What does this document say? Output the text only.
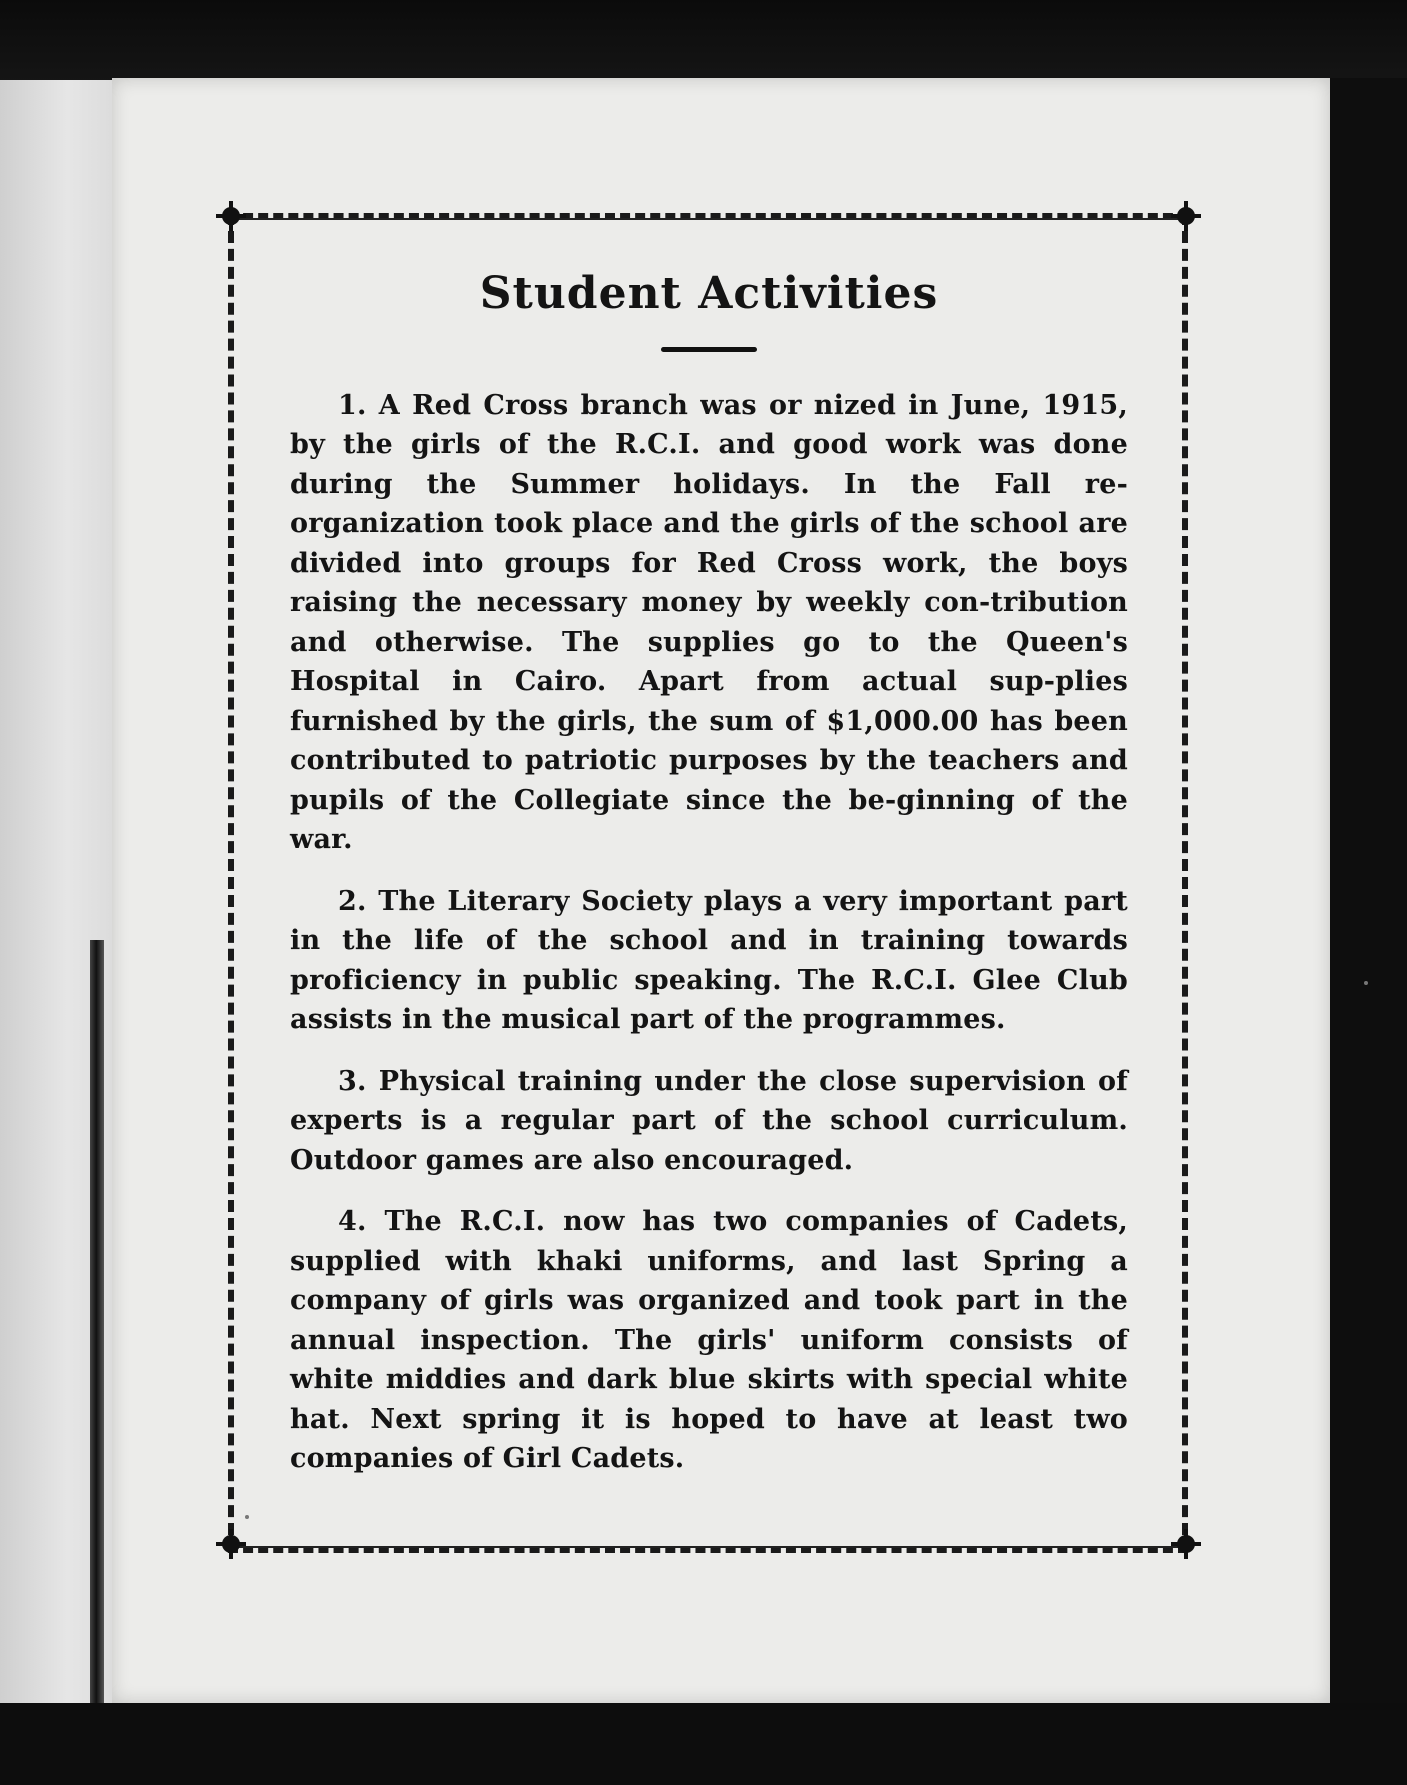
Student Activities

1. A Red Cross branch was or nized in June, 1915, by the girls of the R.C.I. and good work was done during the Summer holidays. In the Fall re-organization took place and the girls of the school are divided into groups for Red Cross work, the boys raising the necessary money by weekly con-tribution and otherwise. The supplies go to the Queen's Hospital in Cairo. Apart from actual sup-plies furnished by the girls, the sum of $1,000.00 has been contributed to patriotic purposes by the teachers and pupils of the Collegiate since the be-ginning of the war.

2. The Literary Society plays a very important part in the life of the school and in training towards proficiency in public speaking. The R.C.I. Glee Club assists in the musical part of the programmes.

3. Physical training under the close supervision of experts is a regular part of the school curriculum. Outdoor games are also encouraged.

4. The R.C.I. now has two companies of Cadets, supplied with khaki uniforms, and last Spring a company of girls was organized and took part in the annual inspection. The girls' uniform consists of white middies and dark blue skirts with special white hat. Next spring it is hoped to have at least two companies of Girl Cadets.
